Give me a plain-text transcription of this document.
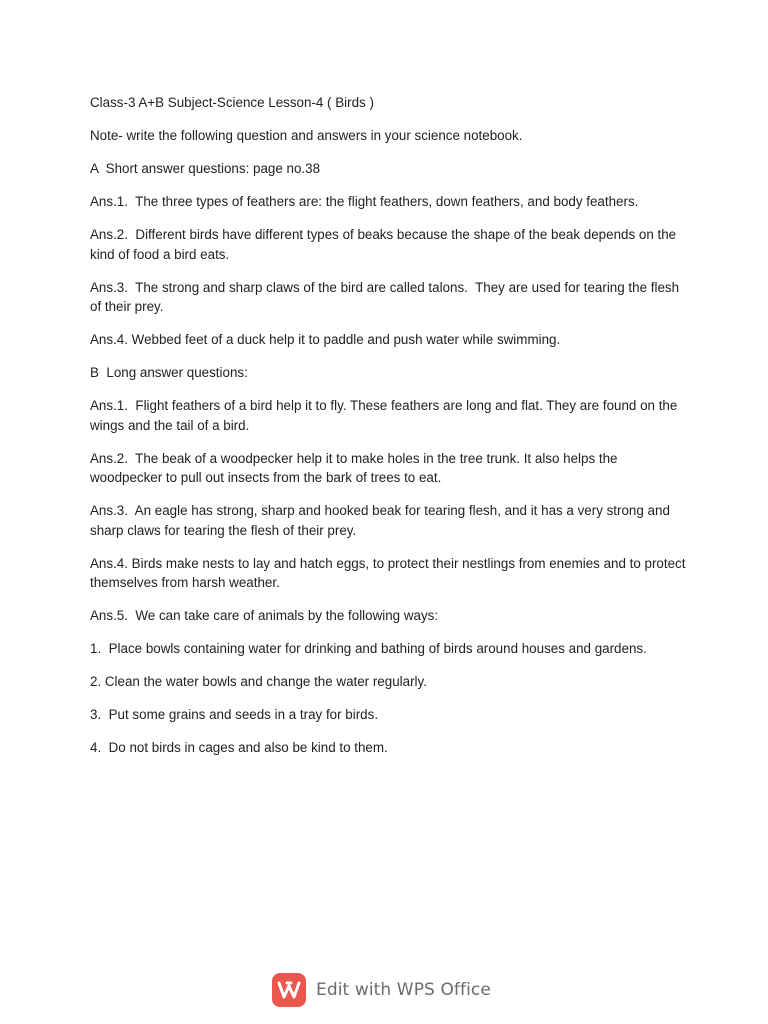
Class-3 A+B Subject-Science Lesson-4 ( Birds )

Note- write the following question and answers in your science notebook.

A  Short answer questions: page no.38

Ans.1.  The three types of feathers are: the flight feathers, down feathers, and body feathers.

Ans.2.  Different birds have different types of beaks because the shape of the beak depends on the kind of food a bird eats.

Ans.3.  The strong and sharp claws of the bird are called talons.  They are used for tearing the flesh of their prey.

Ans.4. Webbed feet of a duck help it to paddle and push water while swimming.

B  Long answer questions:

Ans.1.  Flight feathers of a bird help it to fly. These feathers are long and flat. They are found on the wings and the tail of a bird.

Ans.2.  The beak of a woodpecker help it to make holes in the tree trunk. It also helps the woodpecker to pull out insects from the bark of trees to eat.

Ans.3.  An eagle has strong, sharp and hooked beak for tearing flesh, and it has a very strong and sharp claws for tearing the flesh of their prey.

Ans.4. Birds make nests to lay and hatch eggs, to protect their nestlings from enemies and to protect themselves from harsh weather.

Ans.5.  We can take care of animals by the following ways:

1.  Place bowls containing water for drinking and bathing of birds around houses and gardens.

2. Clean the water bowls and change the water regularly.

3.  Put some grains and seeds in a tray for birds.

4.  Do not birds in cages and also be kind to them.

Edit with WPS Office
